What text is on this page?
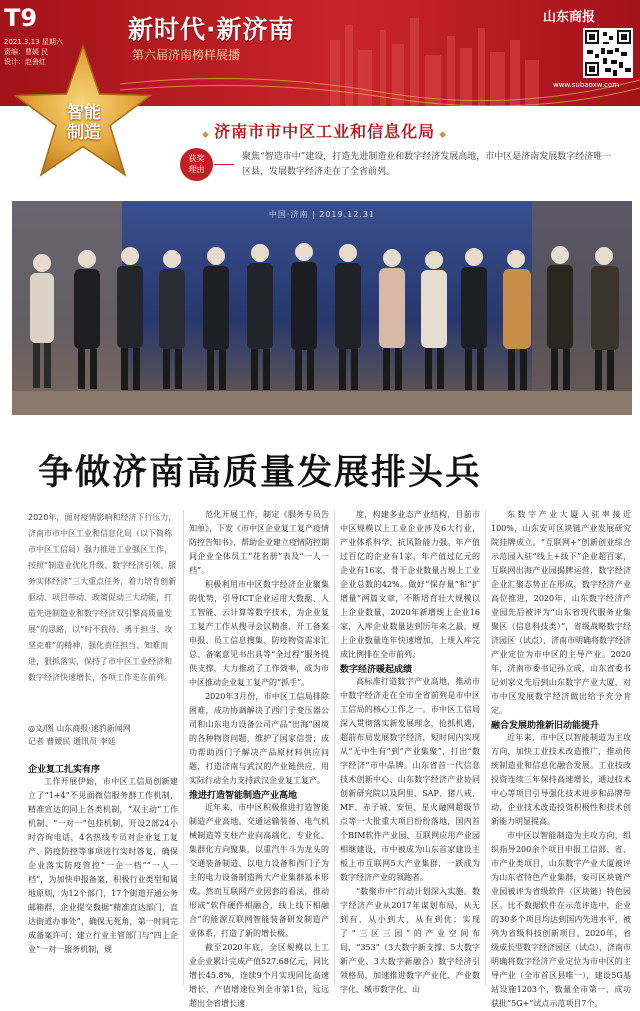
T9
2021.3.13 星期六
责编：曹媛 民
设计：赵鲁红
新时代·新济南
第六届济南榜样展播
山东商报
www.subaoxw.com
智能
制造	◆ 济南市市中区工业和信息化局 ◆
获奖
理由
聚焦“智造市中”建设，打造先进制造业和数字经济发展高地，市中区是济南发展数字经济唯一区县，发展数字经济走在了全省前列。
中国·济南 | 2019.12.31
争做济南高质量发展排头兵
2020年，面对疫情影响和经济下行压力，济南市市中区工业和信息化局（以下简称市中区工信局）强力推进工业强区工作，按照“制造业优化升级、数字经济引领、服务实体经济”三大重点任务，着力培育创新驱动、项目带动、政策促动三大动能，打造先进制造业和数字经济双引擎高质量发展”的思路，以“时不我待、勇于担当、攻坚克难”的精神，强化责任担当、知难而进，狠抓落实，保持了市中区工业经济和数字经济快速增长，各项工作走在前列。
◎文/图 山东商报·速豹新闻网
记者 曹媛民 通讯员 李廷

企业复工扎实有序

工作开展伊始，市中区工信局创新建立了“1+4”不见面微信服务群工作机制，精准宣达的同上各类机制，“双主动”工作机制、“一对一”包挂机制，开设2部24小时咨询电话，4名热线专员对企业复工复产、防疫防控等事项进行实时答复，确保企业落实防疫管控“一企一档”“一人一档”，为加快申报备案，积极行业类型和属地原则，为12个部门，17个街道开通公务邮箱群，企业提交数据“精准直达部门，直达街道办事处”，确保无死角，第一时间完成备案许可；建立行业主管部门与“四上企业”一对一服务机制，规

范化开展工作，制定《服务专员告知单》，下发《市中区企业复工复产疫情防控告知书》，帮助企业建立疫情防控期间企业全体员工“花名册”表及“一人一档”。

积极利用市中区数字经济企业聚集的优势，引导ICT企业运用大数据、人工智能、云计算等数字技术，为企业复工复产工作从搜寻会议精准、开工备案申报、员工信息搜集、防疫物资需求汇总、备案意见书出具等“全过程”服务提供支撑，大力推动了工作效率，成为市中区推动企业复工复产的“抓手”。

2020年3月份，市中区工信局排除困难，成功协调解决了西门子变压器公司和山东电力设备公司产品“出海”困境的各种物资问题，维护了国家信誉；成功帮助西门子解决产品原材料供应问题，打造济南与武汉的产业链供应，用实际行动全力支持武汉企业复工复产。

推进打造智能制造产业高地

近年来，市中区积极推进打造智能制造产业高地。交通运输装备、电气机械制造等支柱产业向高端化、专业化、集群化方向聚集，以重汽牛斗为龙头的交通装备制造、以电力设备和西门子为主的电力设备制造两大产业集群基本形成。然而互联网产业因套的看法，推动形成“软件硬件相融合，线上线下相融合”的能源互联网智能装备研发制造产业体系，打造了新的增长极。

截至2020年底，全区规模以上工业企业累计完成产值527.68亿元，同比增长45.8%，连续9个月实现同比高速增长，产值增速位列全市第1位，远远超出全省增长速

度，构建多业态产业结构，目前市中区规模以上工业企业涉及6大行业，产业体系科学，抗风险能力强。年产值过百亿的企业有1家，年产值过亿元的企业有16家，骨干企业数量占规上工业企业总数的42%。做好“保存量”和“扩增量”两篇文章，不断培育壮大规模以上企业数量，2020年新增规上企业16家，入库企业数量达到历年来之最，规上企业数量连年快速增加，上规入库完成比例排在全市前列。

数字经济暖起成绩

高标准打造数字产业高地，推动市中数字经济走在全市全省前列是市中区工信局的核心工作之一。市中区工信局深入贯彻落实新发展理念，抢抓机遇，超前布局发展数字经济，短时间内实现从“无中生有”到“产业集聚”，打出“数字经济”市中品牌。山东省首一代信息技术创新中心、山东数字经济产业协同创新研究院以及阿里、SAP、猪八戒、MF、赤子城、安恒、星火融网超级节点等一大批重大项目纷纷落地，国内首个BIM软件产业园、互联网应用产业园相继建设，市中被成为山东首家建设主板上市互联网5大产业集群，一跃成为数字经济产业的领跑者。

“数聚市中”行动计划深入实施。数字经济产业从2017年谋划布局，从无到有、从小到大、从有到优；实现了“三区三园”的产业空间布局，“353”（3大数字新支撑、5大数字新产业、3大数字新融合）数字经济引领格局，加速推进数字产业化、产业数字化、城市数字化、山

东数字产业大厦入驻率接近100%，山东安可区块链产业发展研究院挂牌成立。“互联网+”创新创业综合示范园入驻“线上+线下”企业超百家，互联网出海产业园揭牌运营，数字经济企业汇聚态势正在形成，数字经济产业高位推进，2020年，山东数字经济产业园先后被评为“山东省现代服务业集聚区（信息科技类）”，省级战略数字经济园区（试点），济南市明确将数字经济产业定位为市中区的主导产业。2020年，济南市委书记孙立成，山东省委书记刘家义先后到山东数字产业大厦，对市中区发展数字经济做出给予充分肯定。

融合发展助推新旧动能提升

近年来，市中区以智能制造为主攻方向，加快工业技术改造推广，推动传统制造业和信息化融合发展。工业技改投资连续三年保持高速增长，通过技术中心等项目引导强化技术进步和品牌带动，企业技术改造投资积极性和技术创新能力明显提高。

市中区以智能制造为主攻方向，组织指导200余个项目申报工信部、省、市产业类项目，山东数字产业大厦被评为山东省特色产业集群，安可区块链产业园被评为省级软件（区块链）特色园区。比不数据软件在示范评选中，企业的30多个项目均达到国内先进水平，被列为省级科技创新项目。2020年，省级成长型数字经济园区（试点），济南市明确将数字经济产业定位为市中区的主导产业（全市首区县唯一），建设5G基站设施1203个，数量全市第一，成功获批“5G+”试点示范项目7个。
